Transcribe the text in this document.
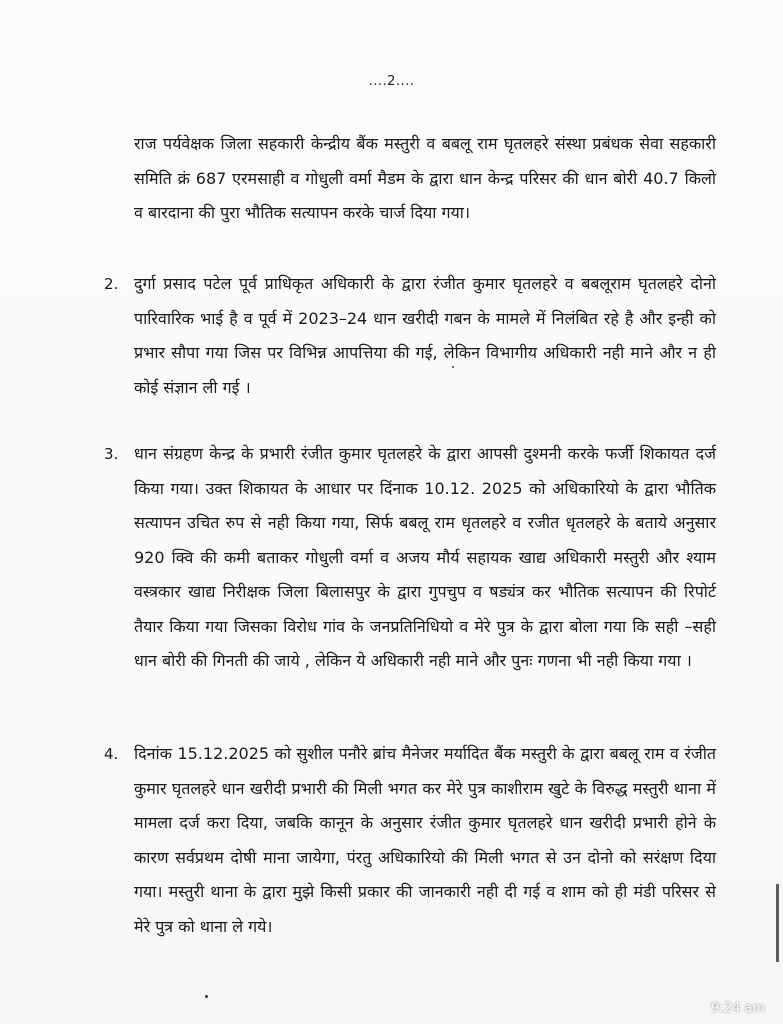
....2....

राज पर्यवेक्षक जिला सहकारी केन्द्रीय बैंक मस्तुरी व बबलू राम घृतलहरे संस्था प्रबंधक सेवा सहकारी समिति क्रं 687 एरमसाही व गोधुली वर्मा मैडम के द्वारा धान केन्द्र परिसर की धान बोरी 40.7 किलो व बारदाना की पुरा भौतिक सत्यापन करके चार्ज दिया गया।

2. दुर्गा प्रसाद पटेल पूर्व प्राधिकृत अधिकारी के द्वारा रंजीत कुमार घृतलहरे व बबलूराम घृतलहरे दोनो पारिवारिक भाई है व पूर्व में 2023–24 धान खरीदी गबन के मामले में निलंबित रहे है और इन्ही को प्रभार सौपा गया जिस पर विभिन्न आपत्तिया की गई, लेकिन विभागीय अधिकारी नही माने और न ही कोई संज्ञान ली गई ।

3. धान संग्रहण केन्द्र के प्रभारी रंजीत कुमार घृतलहरे के द्वारा आपसी दुश्मनी करके फर्जी शिकायत दर्ज किया गया। उक्त शिकायत के आधार पर दिंनाक 10.12. 2025 को अधिकारियो के द्वारा भौतिक सत्यापन उचित रुप से नही किया गया, सिर्फ बबलू राम धृतलहरे व रजीत धृतलहरे के बताये अनुसार 920 क्वि की कमी बताकर गोधुली वर्मा व अजय मौर्य सहायक खाद्य अधिकारी मस्तुरी और श्याम वस्त्रकार खाद्य निरीक्षक जिला बिलासपुर के द्वारा गुपचुप व षड्यंत्र कर भौतिक सत्यापन की रिपोर्ट तैयार किया गया जिसका विरोध गांव के जनप्रतिनिधियो व मेरे पुत्र के द्वारा बोला गया कि सही –सही धान बोरी की गिनती की जाये , लेकिन ये अधिकारी नही माने और पुनः गणना भी नही किया गया ।

4. दिनांक 15.12.2025 को सुशील पनौरे ब्रांच मैनेजर मर्यादित बैंक मस्तुरी के द्वारा बबलू राम व रंजीत कुमार घृतलहरे धान खरीदी प्रभारी की मिली भगत कर मेरे पुत्र काशीराम खुटे के विरुद्ध मस्तुरी थाना में मामला दर्ज करा दिया, जबकि कानून के अनुसार रंजीत कुमार घृतलहरे धान खरीदी प्रभारी होने के कारण सर्वप्रथम दोषी माना जायेगा, पंरतु अधिकारियो की मिली भगत से उन दोनो को सरंक्षण दिया गया। मस्तुरी थाना के द्वारा मुझे किसी प्रकार की जानकारी नही दी गई व शाम को ही मंडी परिसर से मेरे पुत्र को थाना ले गये।

9:24 am
